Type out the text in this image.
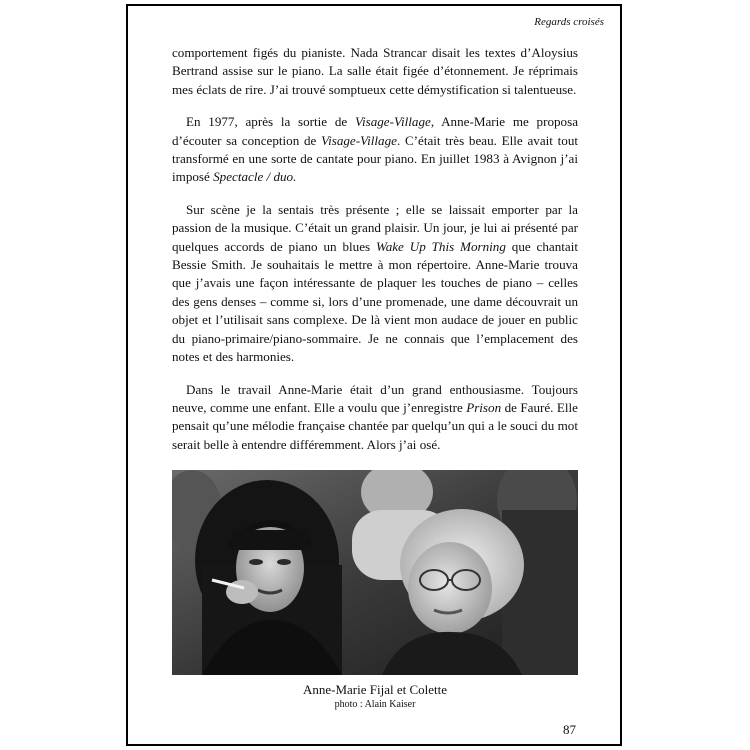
Regards croisés

comportement figés du pianiste. Nada Strancar disait les textes d’Aloysius Bertrand assise sur le piano. La salle était figée d’étonnement. Je réprimais mes éclats de rire. J’ai trouvé somptueux cette démystification si talentueuse.

En 1977, après la sortie de Visage-Village, Anne-Marie me proposa d’écouter sa conception de Visage-Village. C’était très beau. Elle avait tout transformé en une sorte de cantate pour piano. En juillet 1983 à Avignon j’ai imposé Spectacle / duo.

Sur scène je la sentais très présente ; elle se laissait emporter par la passion de la musique. C’était un grand plaisir. Un jour, je lui ai présenté par quelques accords de piano un blues Wake Up This Morning que chantait Bessie Smith. Je souhaitais le mettre à mon répertoire. Anne-Marie trouva que j’avais une façon intéressante de plaquer les touches de piano – celles des gens denses – comme si, lors d’une promenade, une dame découvrait un objet et l’utilisait sans complexe. De là vient mon audace de jouer en public du piano-primaire/piano-sommaire. Je ne connais que l’emplacement des notes et des harmonies.

Dans le travail Anne-Marie était d’un grand enthousiasme. Toujours neuve, comme une enfant. Elle a voulu que j’enregistre Prison de Fauré. Elle pensait qu’une mélodie française chantée par quelqu’un qui a le souci du mot serait belle à entendre différemment. Alors j’ai osé.

Anne-Marie Fijal et Colette
photo : Alain Kaiser
87
